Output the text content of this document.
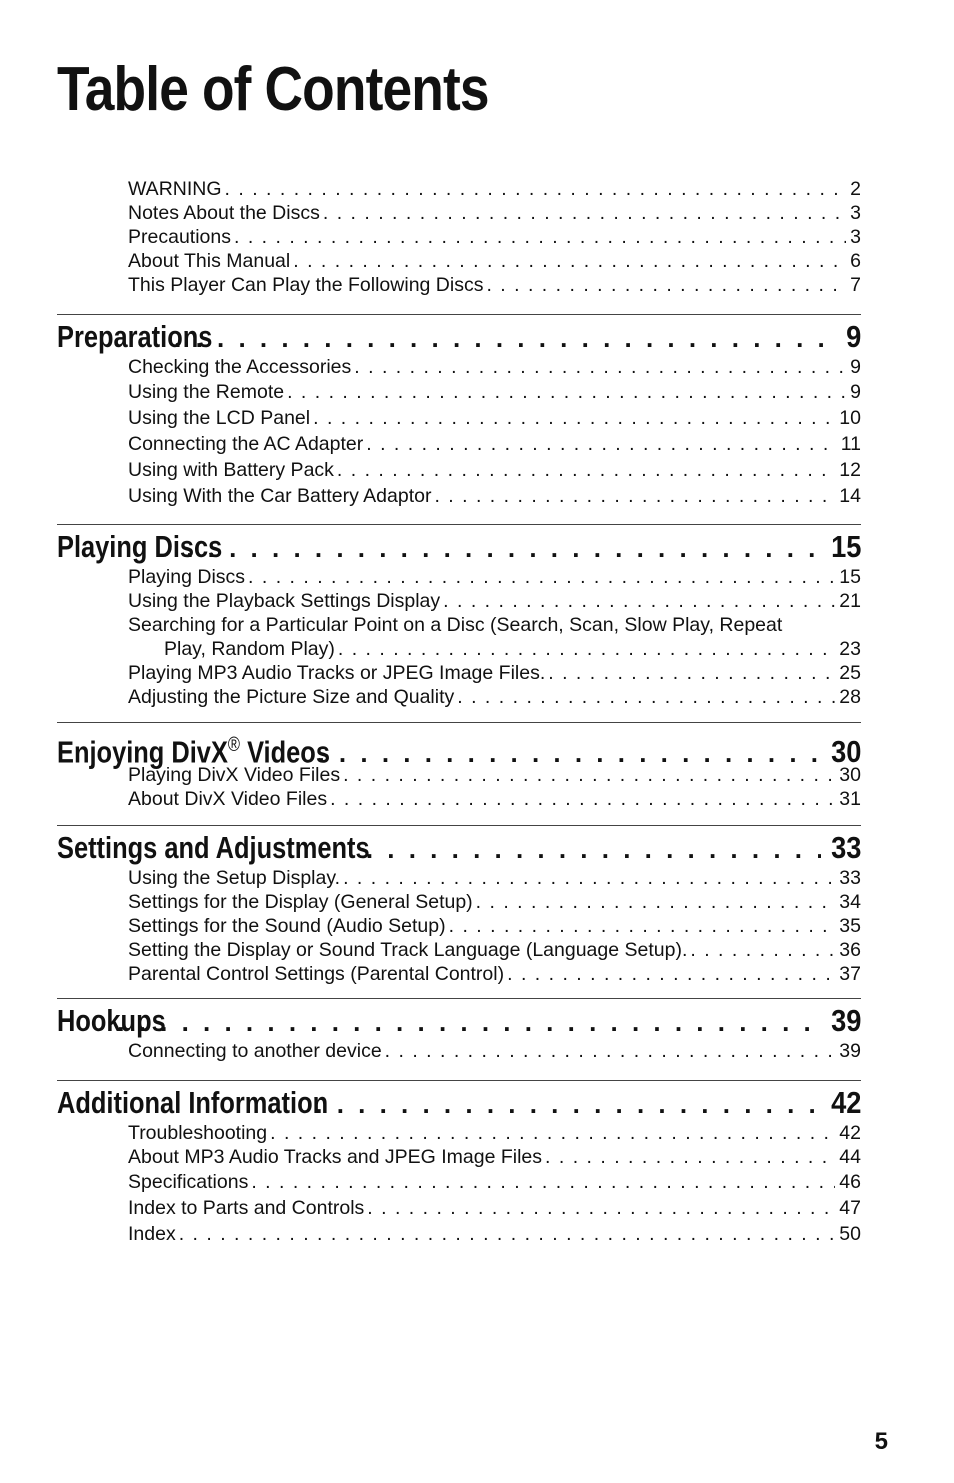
Table of Contents
WARNING . . .	2
Notes About the Discs . . .	3
Precautions . . .	3
About This Manual . . .	6
This Player Can Play the Following Discs . . .	7
Preparations . . .	9
Checking the Accessories . . .	9
Using the Remote . . .	9
Using the LCD Panel . . .	10
Connecting the AC Adapter . . .	11
Using with Battery Pack . . .	12
Using With the Car Battery Adaptor . . .	14
Playing Discs . . .	15
Playing Discs . . .	15
Using the Playback Settings Display . . .	21
Searching for a Particular Point on a Disc (Search, Scan, Slow Play, Repeat
Play, Random Play) . . .	23
Playing MP3 Audio Tracks or JPEG Image Files. . . .	25
Adjusting the Picture Size and Quality . . .	28
Enjoying DivX® Videos . . .	30
Playing DivX Video Files . . .	30
About DivX Video Files . . .	31
Settings and Adjustments . . .	33
Using the Setup Display. . . .	33
Settings for the Display (General Setup) . . .	34
Settings for the Sound (Audio Setup) . . .	35
Setting the Display or Sound Track Language (Language Setup). . . .	36
Parental Control Settings (Parental Control) . . .	37
Hookups . . .	39
Connecting to another device . . .	39
Additional Information . . .	42
Troubleshooting . . .	42
About MP3 Audio Tracks and JPEG Image Files . . .	44
Specifications . . .	46
Index to Parts and Controls . . .	47
Index . . .	50
5
